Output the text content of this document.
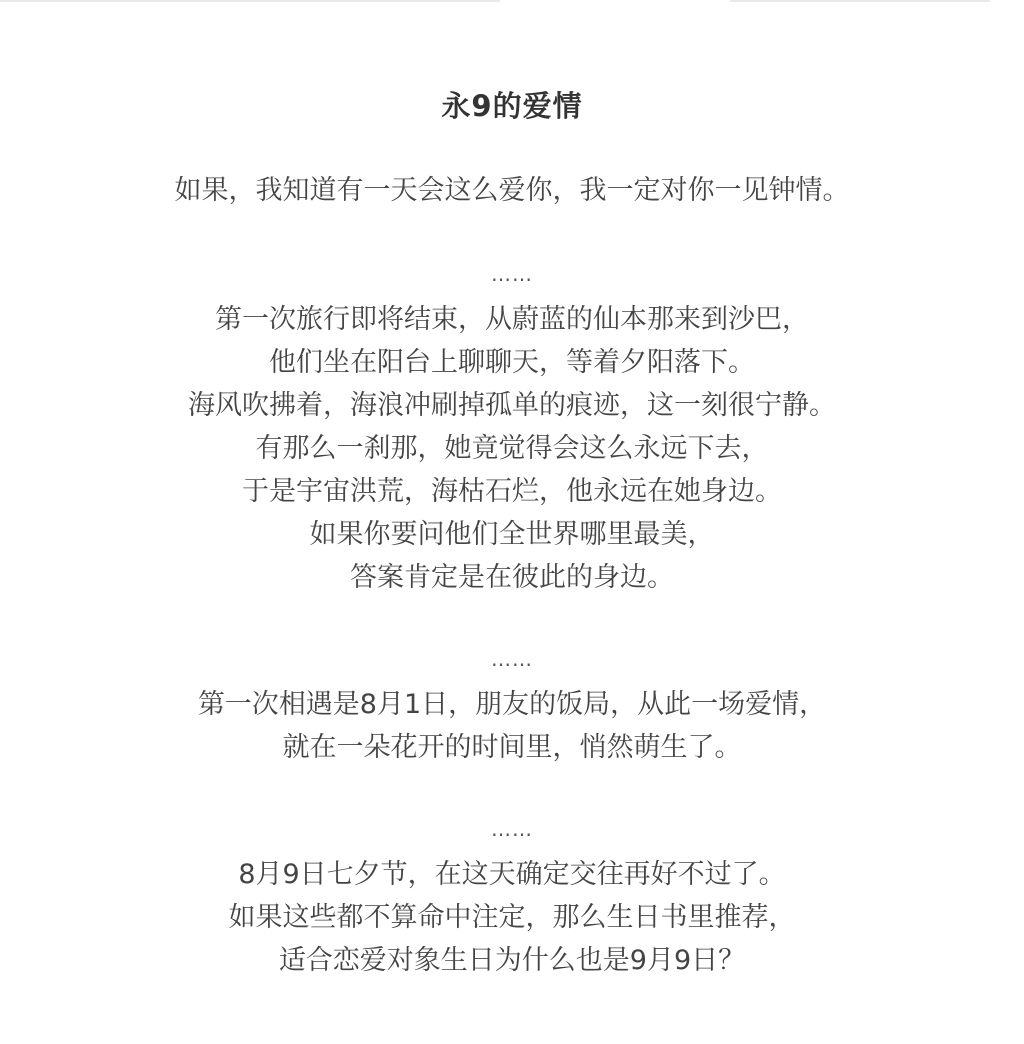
永9的爱情
如果，我知道有一天会这么爱你，我一定对你一见钟情。
……
第一次旅行即将结束，从蔚蓝的仙本那来到沙巴，
他们坐在阳台上聊聊天，等着夕阳落下。
海风吹拂着，海浪冲刷掉孤单的痕迹，这一刻很宁静。
有那么一刹那，她竟觉得会这么永远下去，
于是宇宙洪荒，海枯石烂，他永远在她身边。
如果你要问他们全世界哪里最美，
答案肯定是在彼此的身边。
……
第一次相遇是8月1日，朋友的饭局，从此一场爱情，
就在一朵花开的时间里，悄然萌生了。
……
8月9日七夕节，在这天确定交往再好不过了。
如果这些都不算命中注定，那么生日书里推荐，
适合恋爱对象生日为什么也是9月9日？
